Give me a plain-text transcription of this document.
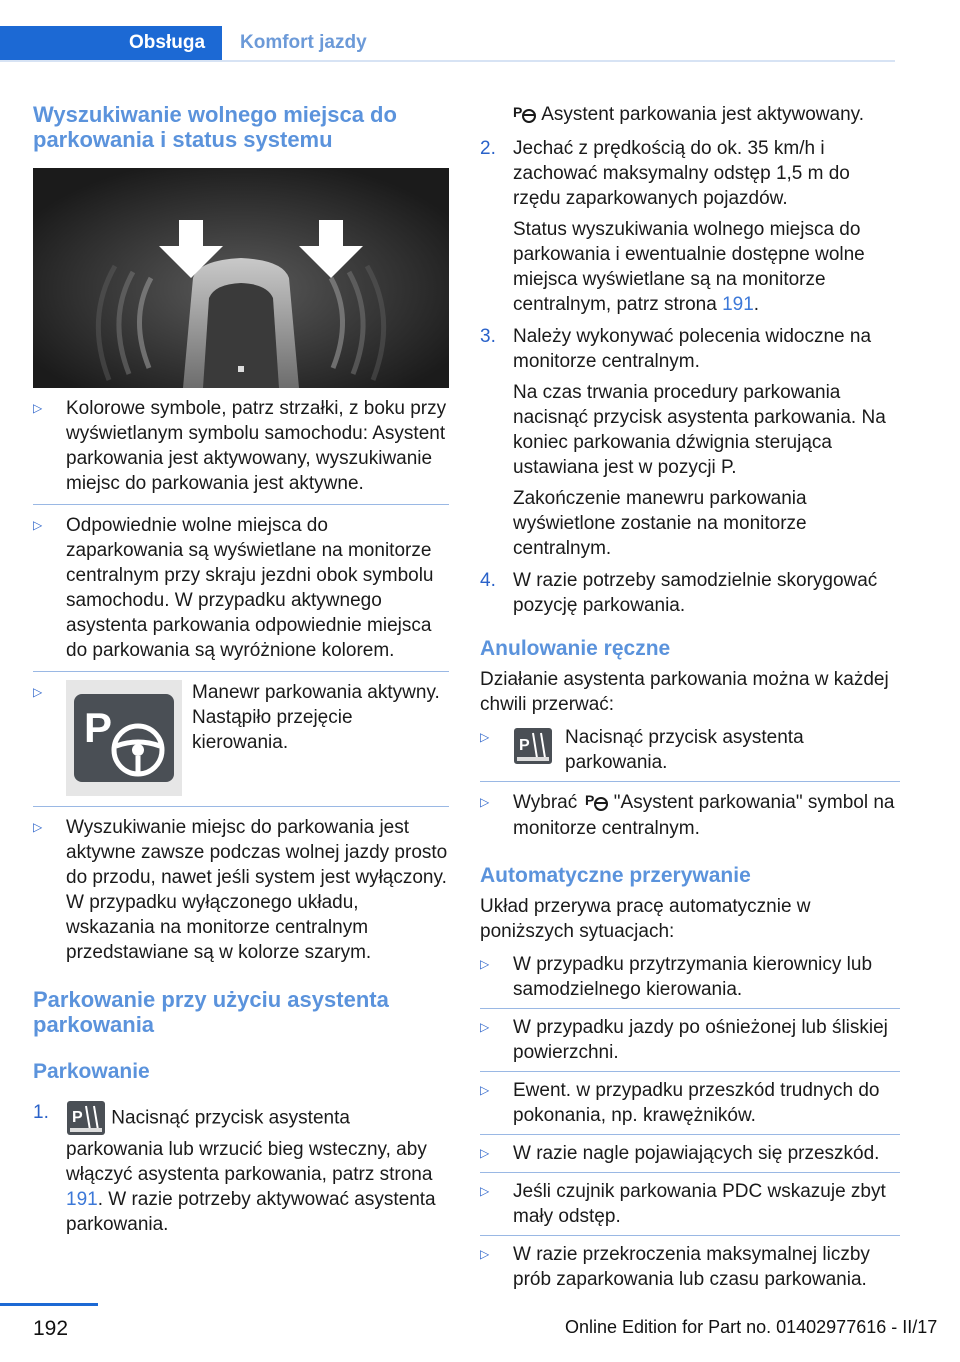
Obsługa Komfort jazdy
Wyszukiwanie wolnego miejsca do parkowania i status systemu
▷	Kolorowe symbole, patrz strzałki, z boku przy wyświetlanym symbolu samochodu: Asystent parkowania jest aktywowany, wyszukiwanie miejsc do parkowania jest aktywne.
▷	Odpowiednie wolne miejsca do zaparkowania są wyświetlane na monitorze centralnym przy skraju jezdni obok symbolu samochodu. W przypadku aktywnego asystenta parkowania odpowiednie miejsca do parkowania są wyróżnione kolorem.
▷
P
Manewr parkowania aktywny. Nastąpiło przejęcie kierowania.
▷	Wyszukiwanie miejsc do parkowania jest aktywne zawsze podczas wolnej jazdy prosto do przodu, nawet jeśli system jest wyłączony. W przypadku wyłączonego układu, wskazania na monitorze centralnym przedstawiane są w kolorze szarym.
Parkowanie przy użyciu asystenta parkowania
Parkowanie
1. P Nacisnąć przycisk asystenta parkowania lub wrzucić bieg wsteczny, aby włączyć asystenta parkowania, patrz strona 191. W razie potrzeby aktywować asystenta parkowania.

P Asystent parkowania jest aktywowany.

2. Jechać z prędkością do ok. 35 km/h i zachować maksymalny odstęp 1,5 m do rzędu zaparkowanych pojazdów.

Status wyszukiwania wolnego miejsca do parkowania i ewentualnie dostępne wolne miejsca wyświetlane są na monitorze centralnym, patrz strona 191.

3. Należy wykonywać polecenia widoczne na monitorze centralnym.

Na czas trwania procedury parkowania nacisnąć przycisk asystenta parkowania. Na koniec parkowania dźwignia sterująca ustawiana jest w pozycji P.

Zakończenie manewru parkowania wyświetlone zostanie na monitorze centralnym.

4. W razie potrzeby samodzielnie skorygować pozycję parkowania.

Anulowanie ręczne

Działanie asystenta parkowania można w każdej chwili przerwać:

▷	P Nacisnąć przycisk asystenta parkowania.
▷	Wybrać P "Asystent parkowania" symbol na monitorze centralnym.
Automatyczne przerywanie

Układ przerywa pracę automatycznie w poniższych sytuacjach:

▷	W przypadku przytrzymania kierownicy lub samodzielnego kierowania.
▷	W przypadku jazdy po ośnieżonej lub śliskiej powierzchni.
▷	Ewent. w przypadku przeszkód trudnych do pokonania, np. krawężników.
▷	W razie nagle pojawiających się przeszkód.
▷	Jeśli czujnik parkowania PDC wskazuje zbyt mały odstęp.
▷	W razie przekroczenia maksymalnej liczby prób zaparkowania lub czasu parkowania.
192	Online Edition for Part no. 01402977616 - II/17
